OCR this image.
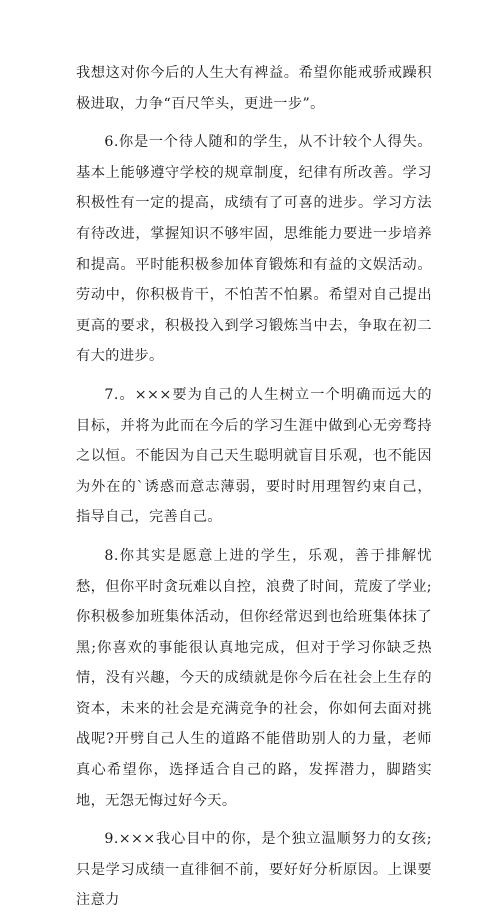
我想这对你今后的人生大有裨益。希望你能戒骄戒躁积极进取，力争“百尺竿头，更进一步”。

6.你是一个待人随和的学生，从不计较个人得失。基本上能够遵守学校的规章制度，纪律有所改善。学习积极性有一定的提高，成绩有了可喜的进步。学习方法有待改进，掌握知识不够牢固，思维能力要进一步培养和提高。平时能积极参加体育锻炼和有益的文娱活动。劳动中，你积极肯干，不怕苦不怕累。希望对自己提出更高的要求，积极投入到学习锻炼当中去，争取在初二有大的进步。

7.。×××要为自己的人生树立一个明确而远大的目标，并将为此而在今后的学习生涯中做到心无旁骛持之以恒。不能因为自己天生聪明就盲目乐观，也不能因为外在的`诱惑而意志薄弱，要时时用理智约束自己，指导自己，完善自己。

8.你其实是愿意上进的学生，乐观，善于排解忧愁，但你平时贪玩难以自控，浪费了时间，荒废了学业;你积极参加班集体活动，但你经常迟到也给班集体抹了黑;你喜欢的事能很认真地完成，但对于学习你缺乏热情，没有兴趣，今天的成绩就是你今后在社会上生存的资本，未来的社会是充满竞争的社会，你如何去面对挑战呢?开劈自己人生的道路不能借助别人的力量，老师真心希望你，选择适合自己的路，发挥潜力，脚踏实地，无怨无悔过好今天。

9.×××我心目中的你，是个独立温顺努力的女孩;只是学习成绩一直徘徊不前，要好好分析原因。上课要注意力
